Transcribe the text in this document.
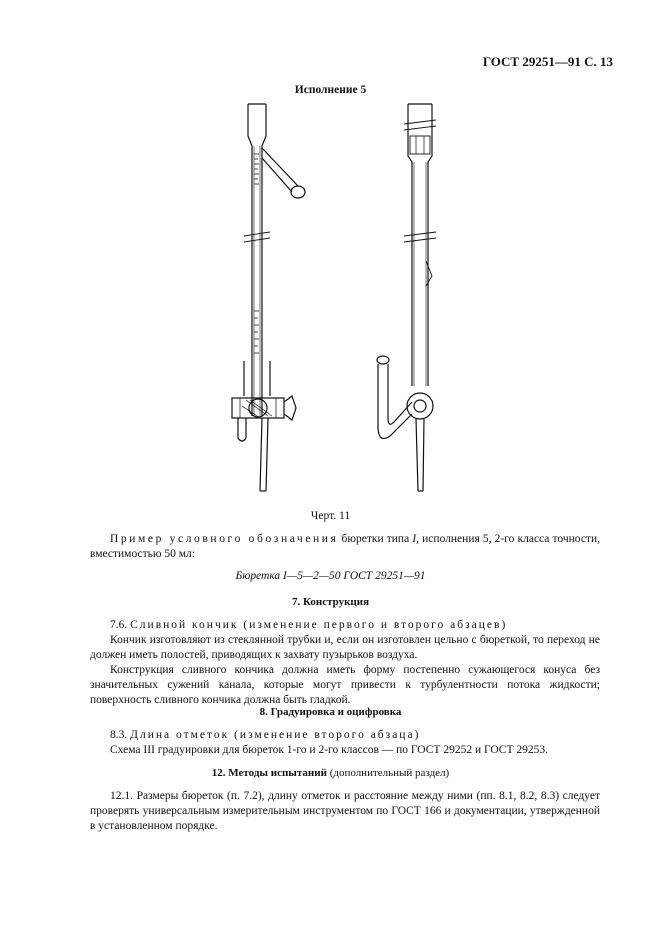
ГОСТ 29251—91 С. 13
Исполнение 5
Черт. 11
Пример условного обозначения бюретки типа I, исполнения 5, 2-го класса точности, вместимостью 50 мл:
Бюретка I—5—2—50 ГОСТ 29251—91
7. Конструкция
7.6. Сливной кончик (изменение первого и второго абзацев)
Кончик изготовляют из стеклянной трубки и, если он изготовлен цельно с бюреткой, то переход не должен иметь полостей, приводящих к захвату пузырьков воздуха.
Конструкция сливного кончика должна иметь форму постепенно сужающегося конуса без значительных сужений канала, которые могут привести к турбулентности потока жидкости; поверхность сливного кончика должна быть гладкой.
8. Градуировка и оцифровка
8.3. Длина отметок (изменение второго абзаца)
Схема III градуировки для бюреток 1-го и 2-го классов — по ГОСТ 29252 и ГОСТ 29253.
12. Методы испытаний (дополнительный раздел)
12.1. Размеры бюреток (п. 7.2), длину отметок и расстояние между ними (пп. 8.1, 8.2, 8.3) следует проверять универсальным измерительным инструментом по ГОСТ 166 и документации, утвержденной в установленном порядке.
